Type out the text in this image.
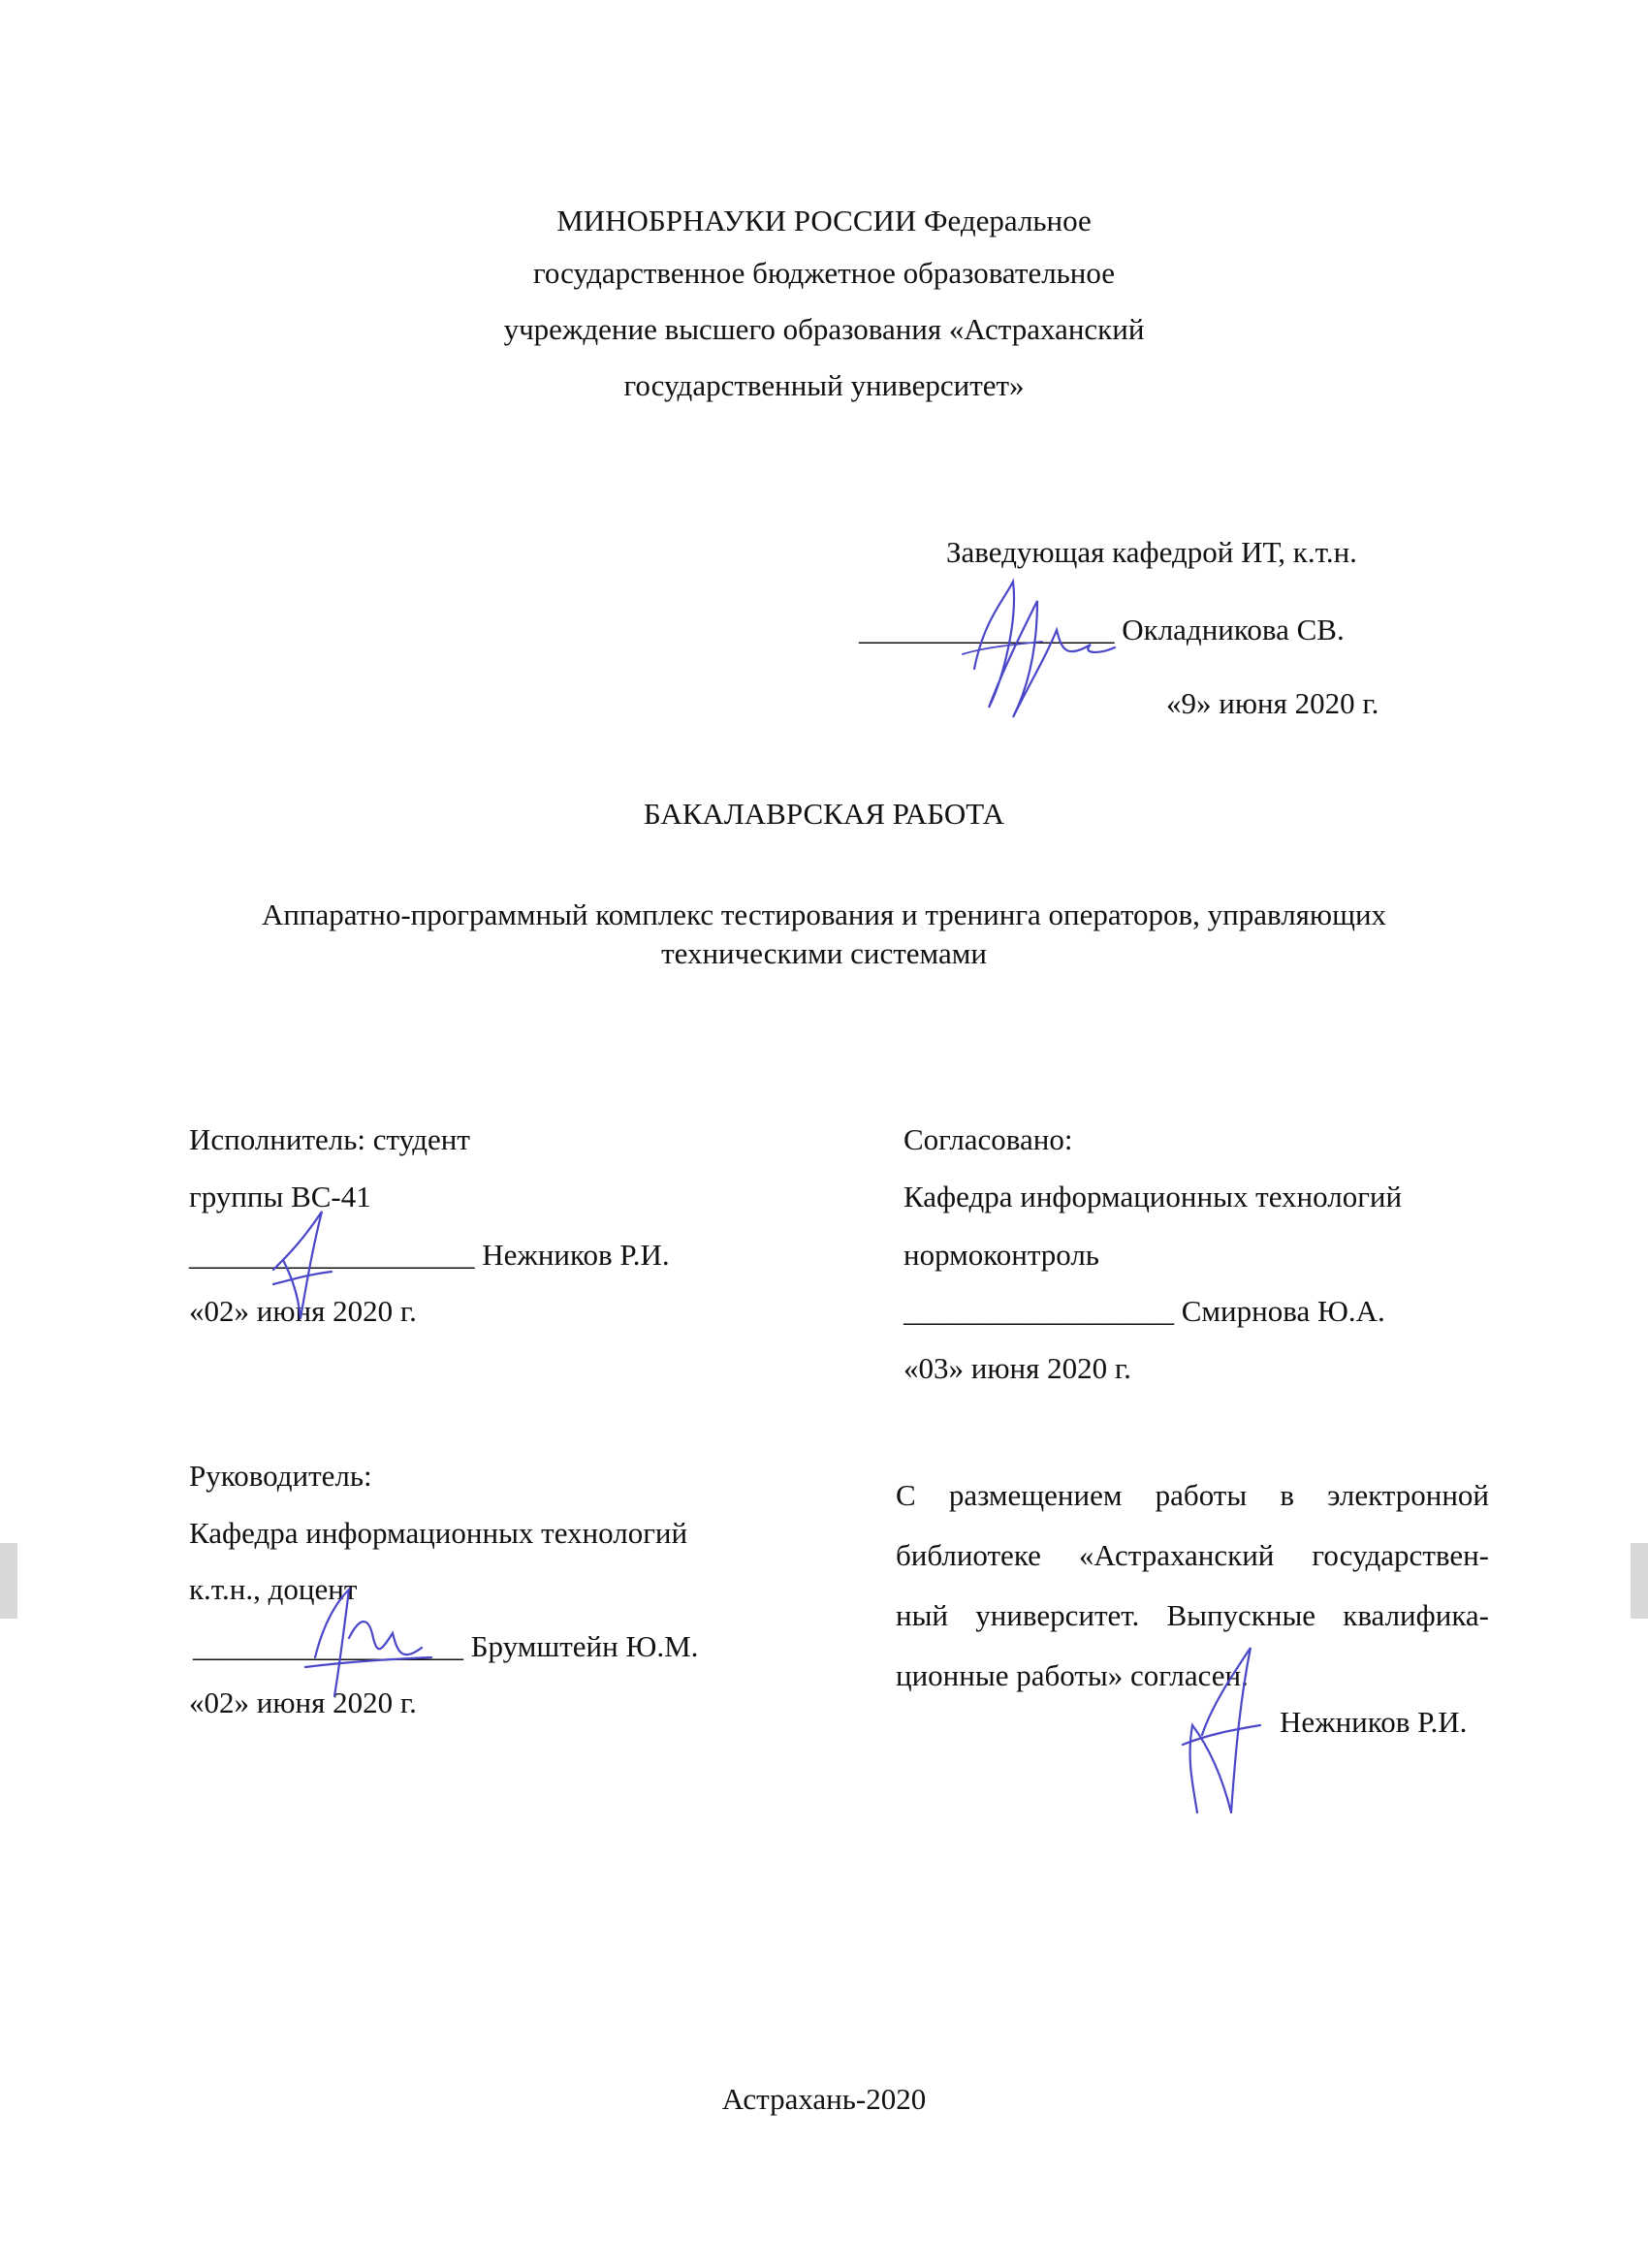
МИНОБРНАУКИ РОССИИ Федеральное
государственное бюджетное образовательное
учреждение высшего образования «Астраханский
государственный университет»
Заведующая кафедрой ИТ, к.т.н.
_________________ Окладникова СВ.
«9» июня 2020 г.
БАКАЛАВРСКАЯ РАБОТА
Аппаратно-программный комплекс тестирования и тренинга операторов, управляющих
техническими системами
Исполнитель: студент
группы ВС-41
___________________ Нежников Р.И.
«02» июня 2020 г.
Согласовано:
Кафедра информационных технологий
нормоконтроль
__________________ Смирнова Ю.А.
«03» июня 2020 г.
Руководитель:
Кафедра информационных технологий
к.т.н., доцент
__________________ Брумштейн Ю.М.
«02» июня 2020 г.
С размещением работы в электронной
библиотеке «Астраханский государствен-
ный университет. Выпускные квалифика-
ционные работы» согласен.
Нежников Р.И.
Астрахань-2020
